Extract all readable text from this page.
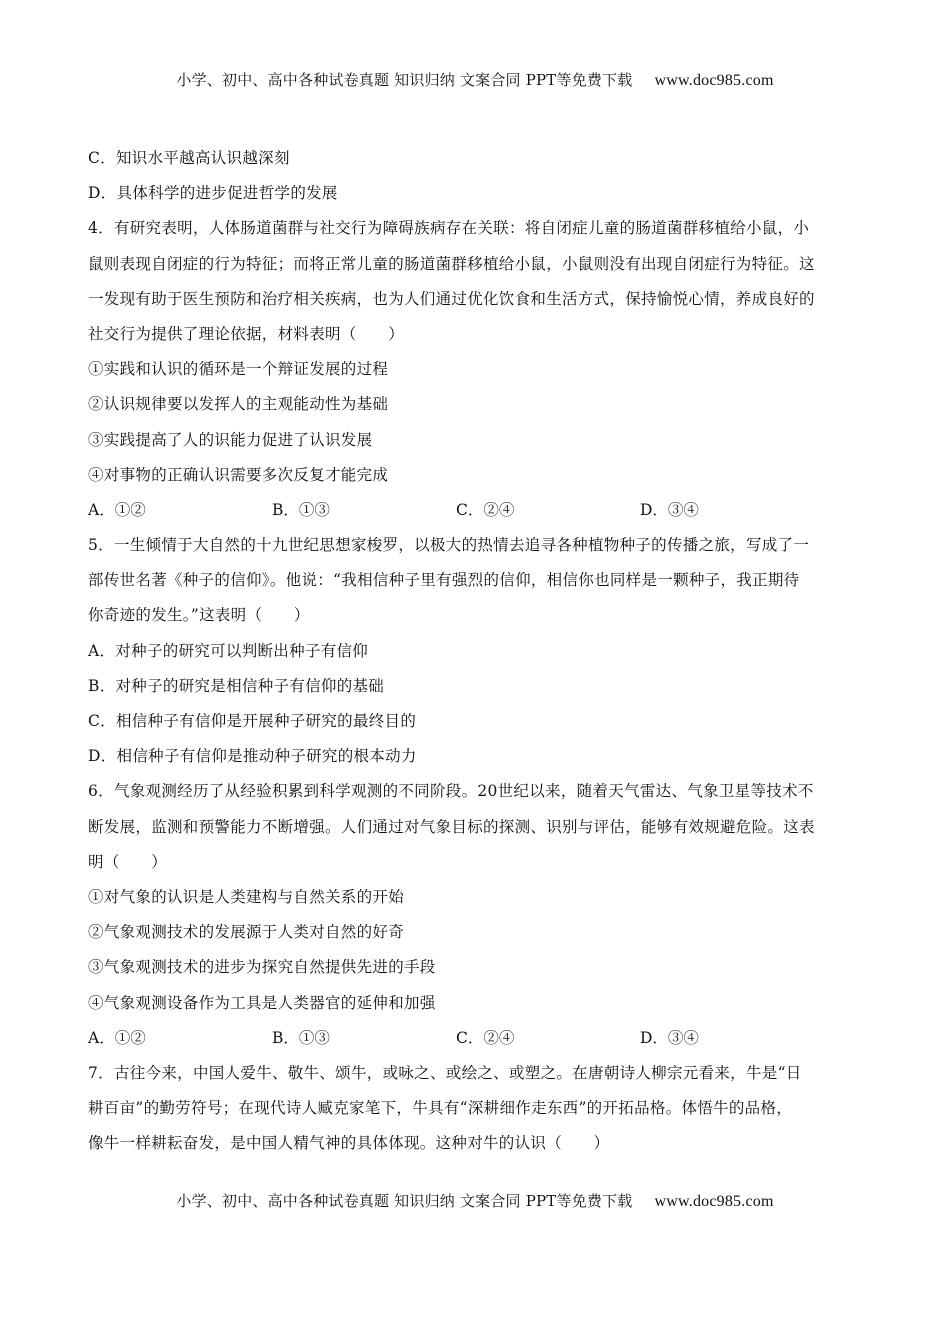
小学、初中、高中各种试卷真题 知识归纳 文案合同 PPT等免费下载 www.doc985.com
C．知识水平越高认识越深刻
D．具体科学的进步促进哲学的发展
4．有研究表明，人体肠道菌群与社交行为障碍族病存在关联：将自闭症儿童的肠道菌群移植给小鼠，小
鼠则表现自闭症的行为特征；而将正常儿童的肠道菌群移植给小鼠，小鼠则没有出现自闭症行为特征。这
一发现有助于医生预防和治疗相关疾病，也为人们通过优化饮食和生活方式，保持愉悦心情，养成良好的
社交行为提供了理论依据，材料表明（　　）
①实践和认识的循环是一个辩证发展的过程
②认识规律要以发挥人的主观能动性为基础
③实践提高了人的识能力促进了认识发展
④对事物的正确认识需要多次反复才能完成
A．①②	B．①③	C．②④	D．③④
5．一生倾情于大自然的十九世纪思想家梭罗，以极大的热情去追寻各种植物种子的传播之旅，写成了一
部传世名著《种子的信仰》。他说：“我相信种子里有强烈的信仰，相信你也同样是一颗种子，我正期待
你奇迹的发生。”这表明（　　）
A．对种子的研究可以判断出种子有信仰
B．对种子的研究是相信种子有信仰的基础
C．相信种子有信仰是开展种子研究的最终目的
D．相信种子有信仰是推动种子研究的根本动力
6．气象观测经历了从经验积累到科学观测的不同阶段。20世纪以来，随着天气雷达、气象卫星等技术不
断发展，监测和预警能力不断增强。人们通过对气象目标的探测、识别与评估，能够有效规避危险。这表
明（　　）
①对气象的认识是人类建构与自然关系的开始
②气象观测技术的发展源于人类对自然的好奇
③气象观测技术的进步为探究自然提供先进的手段
④气象观测设备作为工具是人类器官的延伸和加强
A．①②	B．①③	C．②④	D．③④
7．古往今来，中国人爱牛、敬牛、颂牛，或咏之、或绘之、或塑之。在唐朝诗人柳宗元看来，牛是“日
耕百亩”的勤劳符号；在现代诗人臧克家笔下，牛具有“深耕细作走东西”的开拓品格。体悟牛的品格，
像牛一样耕耘奋发，是中国人精气神的具体体现。这种对牛的认识（　　）
小学、初中、高中各种试卷真题 知识归纳 文案合同 PPT等免费下载 www.doc985.com
